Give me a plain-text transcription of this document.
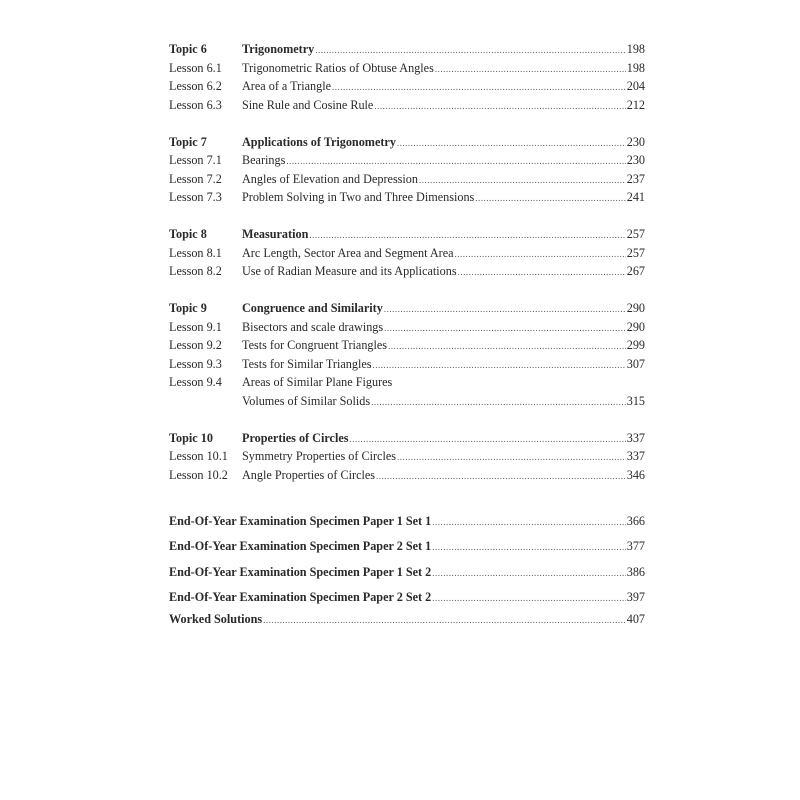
Topic 6	Trigonometry .....	198
Lesson 6.1	Trigonometric Ratios of Obtuse Angles .....	198
Lesson 6.2	Area of a Triangle .....	204
Lesson 6.3	Sine Rule and Cosine Rule .....	212
Topic 7	Applications of Trigonometry .....	230
Lesson 7.1	Bearings .....	230
Lesson 7.2	Angles of Elevation and Depression .....	237
Lesson 7.3	Problem Solving in Two and Three Dimensions .....	241
Topic 8	Measuration .....	257
Lesson 8.1	Arc Length, Sector Area and Segment Area .....	257
Lesson 8.2	Use of Radian Measure and its Applications .....	267
Topic 9	Congruence and Similarity .....	290
Lesson 9.1	Bisectors and scale drawings .....	290
Lesson 9.2	Tests for Congruent Triangles .....	299
Lesson 9.3	Tests for Similar Triangles .....	307
Lesson 9.4	Areas of Similar Plane Figures
Volumes of Similar Solids .....	315
Topic 10	Properties of Circles .....	337
Lesson 10.1	Symmetry Properties of Circles .....	337
Lesson 10.2	Angle Properties of Circles .....	346
End-Of-Year Examination Specimen Paper 1 Set 1 .....	366
End-Of-Year Examination Specimen Paper 2 Set 1 .....	377
End-Of-Year Examination Specimen Paper 1 Set 2 .....	386
End-Of-Year Examination Specimen Paper 2 Set 2 .....	397
Worked Solutions .....	407
